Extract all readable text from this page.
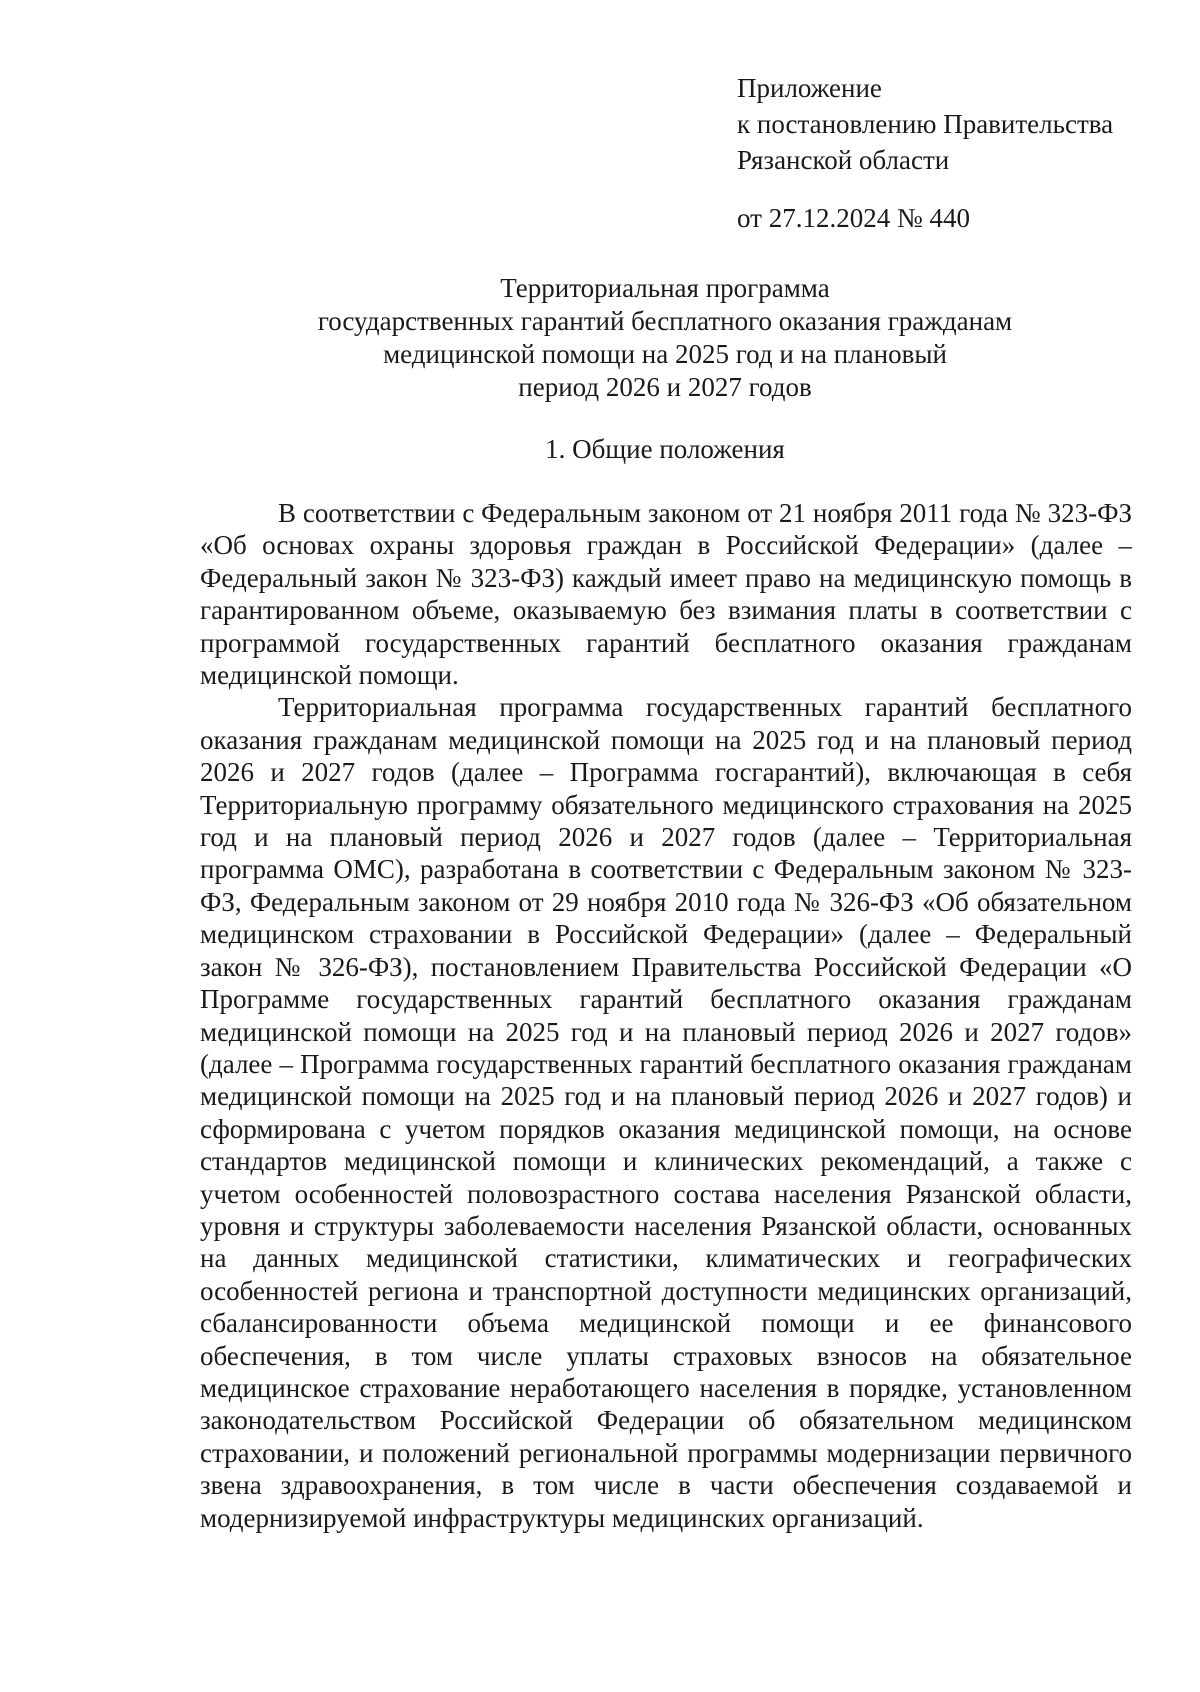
Приложение
к постановлению Правительства
Рязанской области
от 27.12.2024 № 440
Территориальная программа
государственных гарантий бесплатного оказания гражданам
медицинской помощи на 2025 год и на плановый
период 2026 и 2027 годов
1. Общие положения

В соответствии с Федеральным законом от 21 ноября 2011 года № 323-ФЗ «Об основах охраны здоровья граждан в Российской Федерации» (далее – Федеральный закон № 323-ФЗ) каждый имеет право на медицинскую помощь в гарантированном объеме, оказываемую без взимания платы в соответствии с программой государственных гарантий бесплатного оказания гражданам медицинской помощи.

Территориальная программа государственных гарантий бесплатного оказания гражданам медицинской помощи на 2025 год и на плановый период 2026 и 2027 годов (далее – Программа госгарантий), включающая в себя Территориальную программу обязательного медицинского страхования на 2025 год и на плановый период 2026 и 2027 годов (далее – Территориальная программа ОМС), разработана в соответствии с Федеральным законом № 323-ФЗ, Федеральным законом от 29 ноября 2010 года № 326-ФЗ «Об обязательном медицинском страховании в Российской Федерации» (далее – Федеральный закон № 326-ФЗ), постановлением Правительства Российской Федерации «О Программе государственных гарантий бесплатного оказания гражданам медицинской помощи на 2025 год и на плановый период 2026 и 2027 годов» (далее – Программа государственных гарантий бесплатного оказания гражданам медицинской помощи на 2025 год и на плановый период 2026 и 2027 годов) и сформирована с учетом порядков оказания медицинской помощи, на основе стандартов медицинской помощи и клинических рекомендаций, а также с учетом особенностей половозрастного состава населения Рязанской области, уровня и структуры заболеваемости населения Рязанской области, основанных на данных медицинской статистики, климатических и географических особенностей региона и транспортной доступности медицинских организаций, сбалансированности объема медицинской помощи и ее финансового обеспечения, в том числе уплаты страховых взносов на обязательное медицинское страхование неработающего населения в порядке, установленном законодательством Российской Федерации об обязательном медицинском страховании, и положений региональной программы модернизации первичного звена здравоохранения, в том числе в части обеспечения создаваемой и модернизируемой инфраструктуры медицинских организаций.
